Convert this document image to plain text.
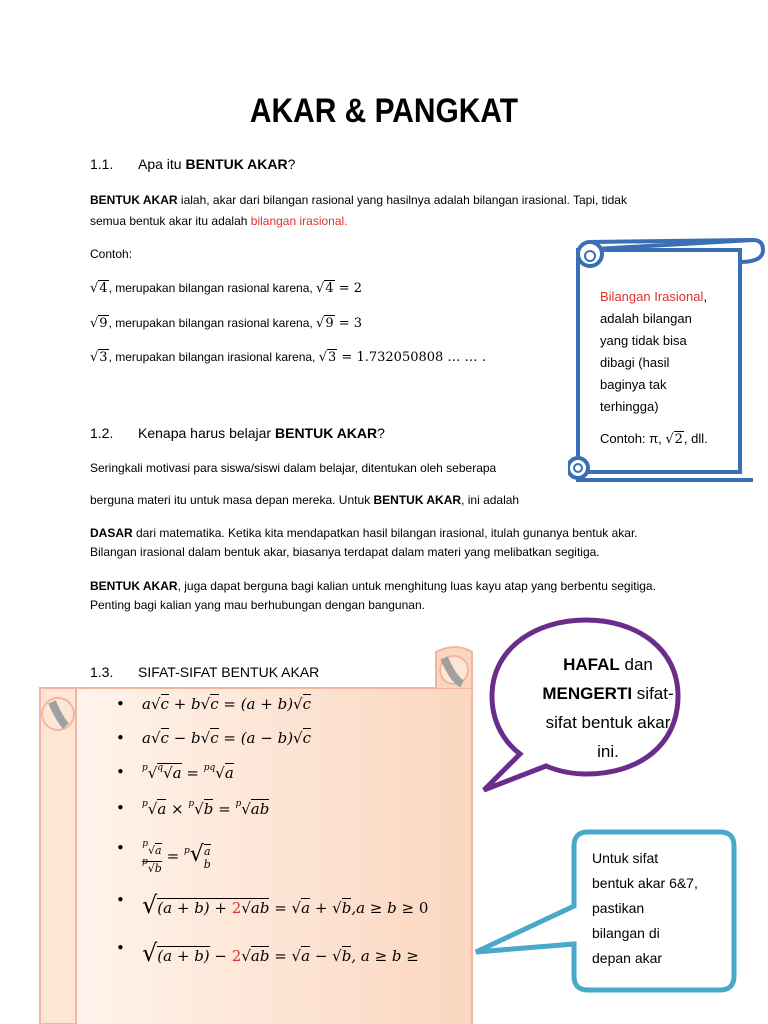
AKAR & PANGKAT
1.1. Apa itu BENTUK AKAR?
BENTUK AKAR ialah, akar dari bilangan rasional yang hasilnya adalah bilangan irasional. Tapi, tidak
semua bentuk akar itu adalah bilangan irasional.
Contoh:
√4, merupakan bilangan rasional karena, √4 = 2
√9, merupakan bilangan rasional karena, √9 = 3
√3, merupakan bilangan irasional karena, √3 = 1.732050808 … … .
Bilangan Irasional,
adalah bilangan
yang tidak bisa
dibagi (hasil
baginya tak
terhingga)
Contoh: π, √2, dll.
1.2. Kenapa harus belajar BENTUK AKAR?
Seringkali motivasi para siswa/siswi dalam belajar, ditentukan oleh seberapa
berguna materi itu untuk masa depan mereka. Untuk BENTUK AKAR, ini adalah
DASAR dari matematika. Ketika kita mendapatkan hasil bilangan irasional, itulah gunanya bentuk akar.
Bilangan irasional dalam bentuk akar, biasanya terdapat dalam materi yang melibatkan segitiga.
BENTUK AKAR, juga dapat berguna bagi kalian untuk menghitung luas kayu atap yang berbentu segitiga.
Penting bagi kalian yang mau berhubungan dengan bangunan.
HAFAL dan
MENGERTI sifat-
sifat bentuk akar
ini.
1.3. SIFAT-SIFAT BENTUK AKAR
• a√c + b√c = (a + b)√c
• a√c − b√c = (a − b)√c
• $^p$√$^q$√a = $^{pq}$√a
• $^p$√a × $^p$√b = $^p$√ab
• $^p$√a
$^p$√b = $^p$√a
b
• √(a + b) + 2√ab = √a + √b,a ≥ b ≥ 0
• √(a + b) − 2√ab = √a − √b, a ≥ b ≥
Untuk sifat
bentuk akar 6&7,
pastikan
bilangan di
depan akar
